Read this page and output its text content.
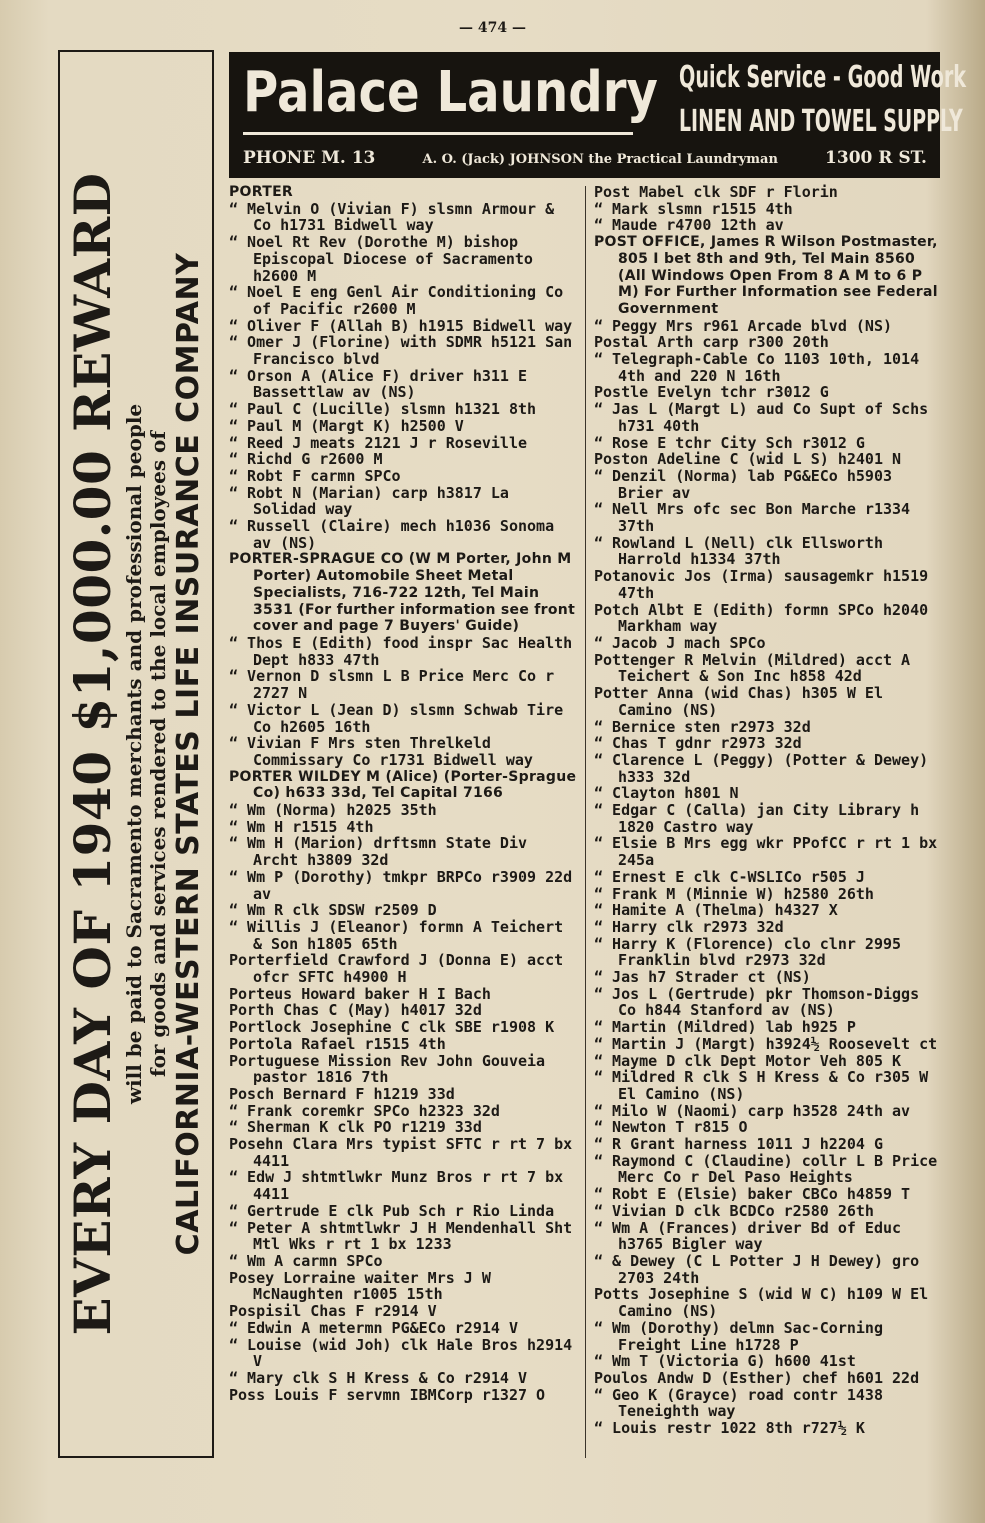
— 474 —
EVERY DAY OF 1940 $1,000.00 REWARD will be paid to Sacramento merchants and professional people for goods and services rendered to the local employees of CALIFORNIA-WESTERN STATES LIFE INSURANCE COMPANY
Palace Laundry Quick Service - Good Work
LINEN AND TOWEL SUPPLY
PHONE M. 13	A. O. (Jack) JOHNSON the Practical Laundryman	1300 R ST.
PORTER
“ Melvin O (Vivian F) slsmn Armour & Co h1731 Bidwell way
“ Noel Rt Rev (Dorothe M) bishop Episcopal Diocese of Sacramento h2600 M
“ Noel E eng Genl Air Conditioning Co of Pacific r2600 M
“ Oliver F (Allah B) h1915 Bidwell way
“ Omer J (Florine) with SDMR h5121 San Francisco blvd
“ Orson A (Alice F) driver h311 E Bassettlaw av (NS)
“ Paul C (Lucille) slsmn h1321 8th
“ Paul M (Margt K) h2500 V
“ Reed J meats 2121 J r Roseville
“ Richd G r2600 M
“ Robt F carmn SPCo
“ Robt N (Marian) carp h3817 La Solidad way
“ Russell (Claire) mech h1036 Sonoma av (NS)
PORTER-SPRAGUE CO (W M Porter, John M Porter) Automobile Sheet Metal Specialists, 716-722 12th, Tel Main 3531 (For further information see front cover and page 7 Buyers' Guide)
“ Thos E (Edith) food inspr Sac Health Dept h833 47th
“ Vernon D slsmn L B Price Merc Co r 2727 N
“ Victor L (Jean D) slsmn Schwab Tire Co h2605 16th
“ Vivian F Mrs sten Threlkeld Commissary Co r1731 Bidwell way
PORTER WILDEY M (Alice) (Porter-Sprague Co) h633 33d, Tel Capital 7166
“ Wm (Norma) h2025 35th
“ Wm H r1515 4th
“ Wm H (Marion) drftsmn State Div Archt h3809 32d
“ Wm P (Dorothy) tmkpr BRPCo r3909 22d av
“ Wm R clk SDSW r2509 D
“ Willis J (Eleanor) formn A Teichert & Son h1805 65th
Porterfield Crawford J (Donna E) acct ofcr SFTC h4900 H
Porteus Howard baker H I Bach
Porth Chas C (May) h4017 32d
Portlock Josephine C clk SBE r1908 K
Portola Rafael r1515 4th
Portuguese Mission Rev John Gouveia pastor 1816 7th
Posch Bernard F h1219 33d
“ Frank coremkr SPCo h2323 32d
“ Sherman K clk PO r1219 33d
Posehn Clara Mrs typist SFTC r rt 7 bx 4411
“ Edw J shtmtlwkr Munz Bros r rt 7 bx 4411
“ Gertrude E clk Pub Sch r Rio Linda
“ Peter A shtmtlwkr J H Mendenhall Sht Mtl Wks r rt 1 bx 1233
“ Wm A carmn SPCo
Posey Lorraine waiter Mrs J W McNaughten r1005 15th
Pospisil Chas F r2914 V
“ Edwin A metermn PG&ECo r2914 V
“ Louise (wid Joh) clk Hale Bros h2914 V
“ Mary clk S H Kress & Co r2914 V
Poss Louis F servmn IBMCorp r1327 O
Post Mabel clk SDF r Florin
“ Mark slsmn r1515 4th
“ Maude r4700 12th av
POST OFFICE, James R Wilson Postmaster, 805 I bet 8th and 9th, Tel Main 8560 (All Windows Open From 8 A M to 6 P M) For Further Information see Federal Government
“ Peggy Mrs r961 Arcade blvd (NS)
Postal Arth carp r300 20th
“ Telegraph-Cable Co 1103 10th, 1014 4th and 220 N 16th
Postle Evelyn tchr r3012 G
“ Jas L (Margt L) aud Co Supt of Schs h731 40th
“ Rose E tchr City Sch r3012 G
Poston Adeline C (wid L S) h2401 N
“ Denzil (Norma) lab PG&ECo h5903 Brier av
“ Nell Mrs ofc sec Bon Marche r1334 37th
“ Rowland L (Nell) clk Ellsworth Harrold h1334 37th
Potanovic Jos (Irma) sausagemkr h1519 47th
Potch Albt E (Edith) formn SPCo h2040 Markham way
“ Jacob J mach SPCo
Pottenger R Melvin (Mildred) acct A Teichert & Son Inc h858 42d
Potter Anna (wid Chas) h305 W El Camino (NS)
“ Bernice sten r2973 32d
“ Chas T gdnr r2973 32d
“ Clarence L (Peggy) (Potter & Dewey) h333 32d
“ Clayton h801 N
“ Edgar C (Calla) jan City Library h 1820 Castro way
“ Elsie B Mrs egg wkr PPofCC r rt 1 bx 245a
“ Ernest E clk C-WSLICo r505 J
“ Frank M (Minnie W) h2580 26th
“ Hamite A (Thelma) h4327 X
“ Harry clk r2973 32d
“ Harry K (Florence) clo clnr 2995 Franklin blvd r2973 32d
“ Jas h7 Strader ct (NS)
“ Jos L (Gertrude) pkr Thomson-Diggs Co h844 Stanford av (NS)
“ Martin (Mildred) lab h925 P
“ Martin J (Margt) h3924½ Roosevelt ct
“ Mayme D clk Dept Motor Veh 805 K
“ Mildred R clk S H Kress & Co r305 W El Camino (NS)
“ Milo W (Naomi) carp h3528 24th av
“ Newton T r815 O
“ R Grant harness 1011 J h2204 G
“ Raymond C (Claudine) collr L B Price Merc Co r Del Paso Heights
“ Robt E (Elsie) baker CBCo h4859 T
“ Vivian D clk BCDCo r2580 26th
“ Wm A (Frances) driver Bd of Educ h3765 Bigler way
“ & Dewey (C L Potter J H Dewey) gro 2703 24th
Potts Josephine S (wid W C) h109 W El Camino (NS)
“ Wm (Dorothy) delmn Sac-Corning Freight Line h1728 P
“ Wm T (Victoria G) h600 41st
Poulos Andw D (Esther) chef h601 22d
“ Geo K (Grayce) road contr 1438 Teneighth way
“ Louis restr 1022 8th r727½ K
